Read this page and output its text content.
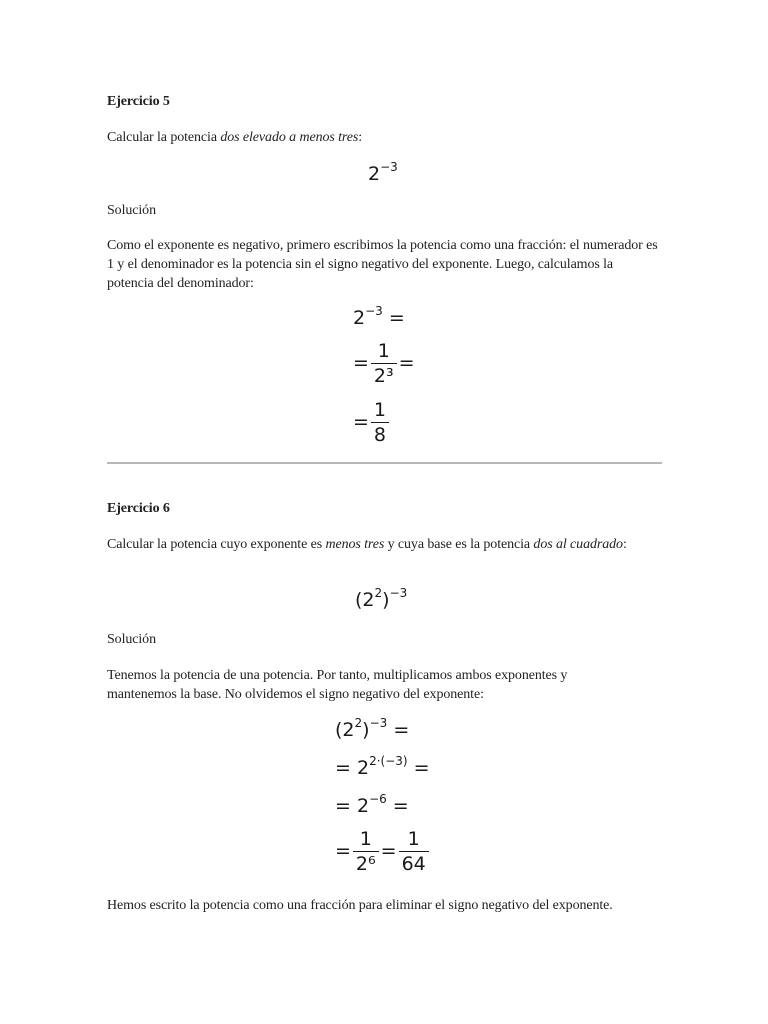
Ejercicio 5
Calcular la potencia dos elevado a menos tres:
$2^{-3}$
Solución
Como el exponente es negativo, primero escribimos la potencia como una fracción: el numerador es 1 y el denominador es la potencia sin el signo negativo del exponente. Luego, calculamos la potencia del denominador:
$2^{-3}$ =
= $\frac{1}{\text{2³}}$ =
= $\frac{1}{8}$
Ejercicio 6
Calcular la potencia cuyo exponente es menos tres y cuya base es la potencia dos al cuadrado:
$(2^2)^{-3}$
Solución
Tenemos la potencia de una potencia. Por tanto, multiplicamos ambos exponentes y mantenemos la base. No olvidemos el signo negativo del exponente:
$(2^2)^{-3}$ =
= $2^{2\cdot(-3)}$ =
= $2^{-6}$ =
= $\frac{1}{\text{2⁶}} = \frac{1}{64}$
Hemos escrito la potencia como una fracción para eliminar el signo negativo del exponente.
